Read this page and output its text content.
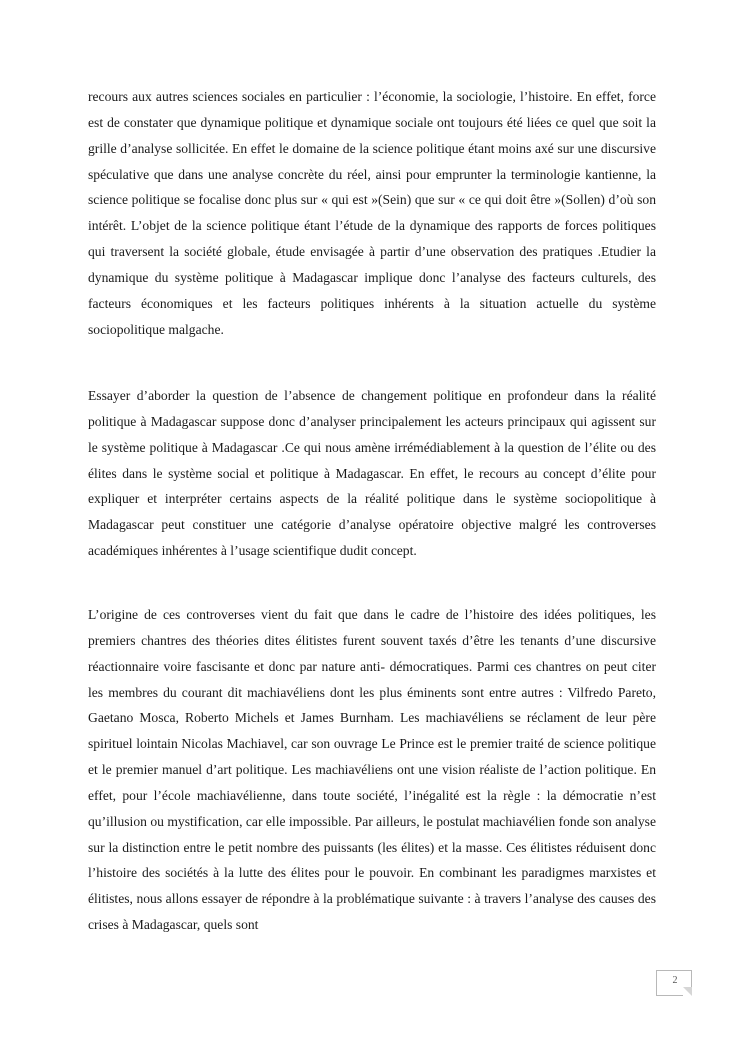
recours aux autres sciences sociales en particulier : l’économie, la sociologie, l’histoire. En effet, force est de constater que dynamique politique et dynamique sociale ont toujours été liées ce quel que soit la grille d’analyse sollicitée. En effet le domaine de la science politique étant moins axé sur une discursive spéculative que dans une analyse concrète du réel, ainsi pour emprunter la terminologie kantienne, la science politique se focalise donc plus sur « qui est »(Sein) que sur « ce qui doit être »(Sollen) d’où son intérêt. L’objet de la science politique étant l’étude de la dynamique des rapports de forces politiques qui traversent la société globale, étude envisagée à partir d’une observation des pratiques .Etudier la dynamique du système politique à Madagascar implique donc l’analyse des facteurs culturels, des facteurs économiques et les facteurs politiques inhérents à la situation actuelle du système sociopolitique malgache.

Essayer d’aborder la question de l’absence de changement politique en profondeur dans la réalité politique à Madagascar suppose donc d’analyser principalement les acteurs principaux qui agissent sur le système politique à Madagascar .Ce qui nous amène irrémédiablement à la question de l’élite ou des élites dans le système social et politique à Madagascar. En effet, le recours au concept d’élite pour expliquer et interpréter certains aspects de la réalité politique dans le système sociopolitique à Madagascar peut constituer une catégorie d’analyse opératoire objective malgré les controverses académiques inhérentes à l’usage scientifique dudit concept.

L’origine de ces controverses vient du fait que dans le cadre de l’histoire des idées politiques, les premiers chantres des théories dites élitistes furent souvent taxés d’être les tenants d’une discursive réactionnaire voire fascisante et donc par nature anti- démocratiques. Parmi ces chantres on peut citer les membres du courant dit machiavéliens dont les plus éminents sont entre autres : Vilfredo Pareto, Gaetano Mosca, Roberto Michels et James Burnham. Les machiavéliens se réclament de leur père spirituel lointain Nicolas Machiavel, car son ouvrage Le Prince est le premier traité de science politique et le premier manuel d’art politique. Les machiavéliens ont une vision réaliste de l’action politique. En effet, pour l’école machiavélienne, dans toute société, l’inégalité est la règle : la démocratie n’est qu’illusion ou mystification, car elle impossible. Par ailleurs, le postulat machiavélien fonde son analyse sur la distinction entre le petit nombre des puissants (les élites) et la masse. Ces élitistes réduisent donc l’histoire des sociétés à la lutte des élites pour le pouvoir. En combinant les paradigmes marxistes et élitistes, nous allons essayer de répondre à la problématique suivante : à travers l’analyse des causes des crises à Madagascar, quels sont

2
